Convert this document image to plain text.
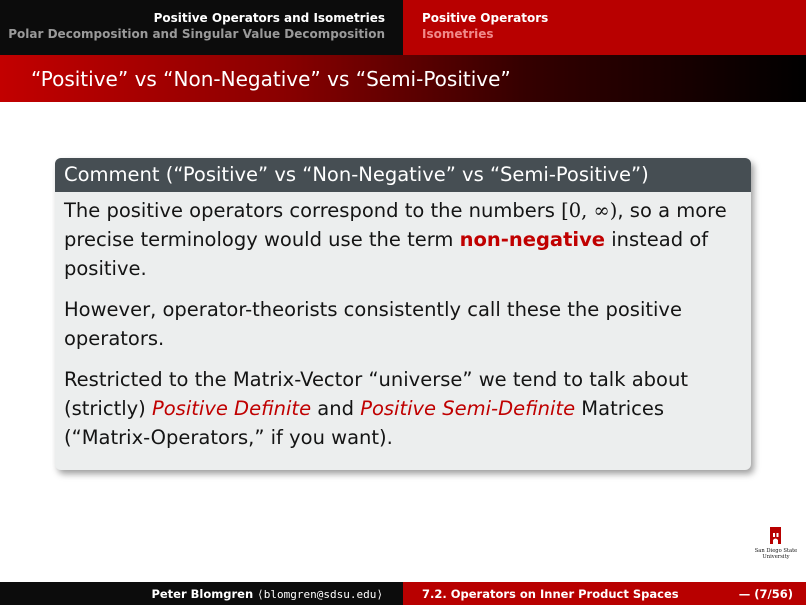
Positive Operators and Isometries
Polar Decomposition and Singular Value Decomposition
Positive Operators
Isometries
“Positive” vs “Non-Negative” vs “Semi-Positive”
Comment (“Positive” vs “Non-Negative” vs “Semi-Positive”)

The positive operators correspond to the numbers [0, ∞), so a more precise terminology would use the term non-negative instead of positive.

However, operator-theorists consistently call these the positive operators.

Restricted to the Matrix-Vector “universe” we tend to talk about (strictly) Positive Definite and Positive Semi-Definite Matrices (“Matrix-Operators,” if you want).

San Diego State
University
Peter Blomgren ⟨blomgren@sdsu.edu⟩	7.2. Operators on Inner Product Spaces	— (7/56)
